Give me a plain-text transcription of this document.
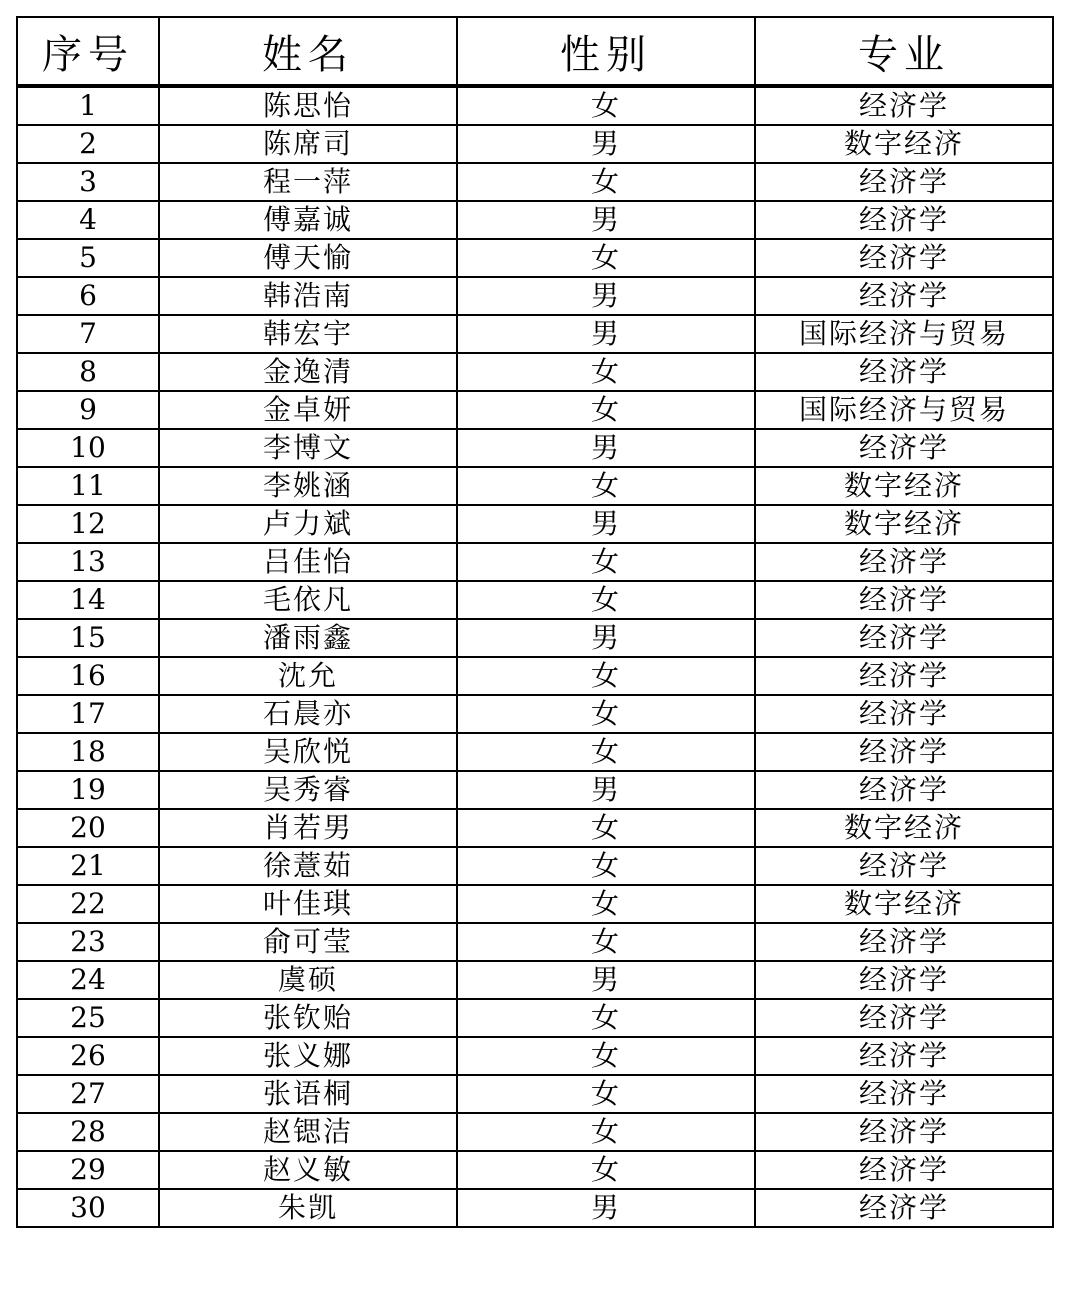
序号	姓名	性别	专业
1	陈思怡	女	经济学
2	陈席司	男	数字经济
3	程一萍	女	经济学
4	傅嘉诚	男	经济学
5	傅天愉	女	经济学
6	韩浩南	男	经济学
7	韩宏宇	男	国际经济与贸易
8	金逸清	女	经济学
9	金卓妍	女	国际经济与贸易
10	李博文	男	经济学
11	李姚涵	女	数字经济
12	卢力斌	男	数字经济
13	吕佳怡	女	经济学
14	毛依凡	女	经济学
15	潘雨鑫	男	经济学
16	沈允	女	经济学
17	石晨亦	女	经济学
18	吴欣悦	女	经济学
19	吴秀睿	男	经济学
20	肖若男	女	数字经济
21	徐薏茹	女	经济学
22	叶佳琪	女	数字经济
23	俞可莹	女	经济学
24	虞硕	男	经济学
25	张钦贻	女	经济学
26	张义娜	女	经济学
27	张语桐	女	经济学
28	赵锶洁	女	经济学
29	赵义敏	女	经济学
30	朱凯	男	经济学
